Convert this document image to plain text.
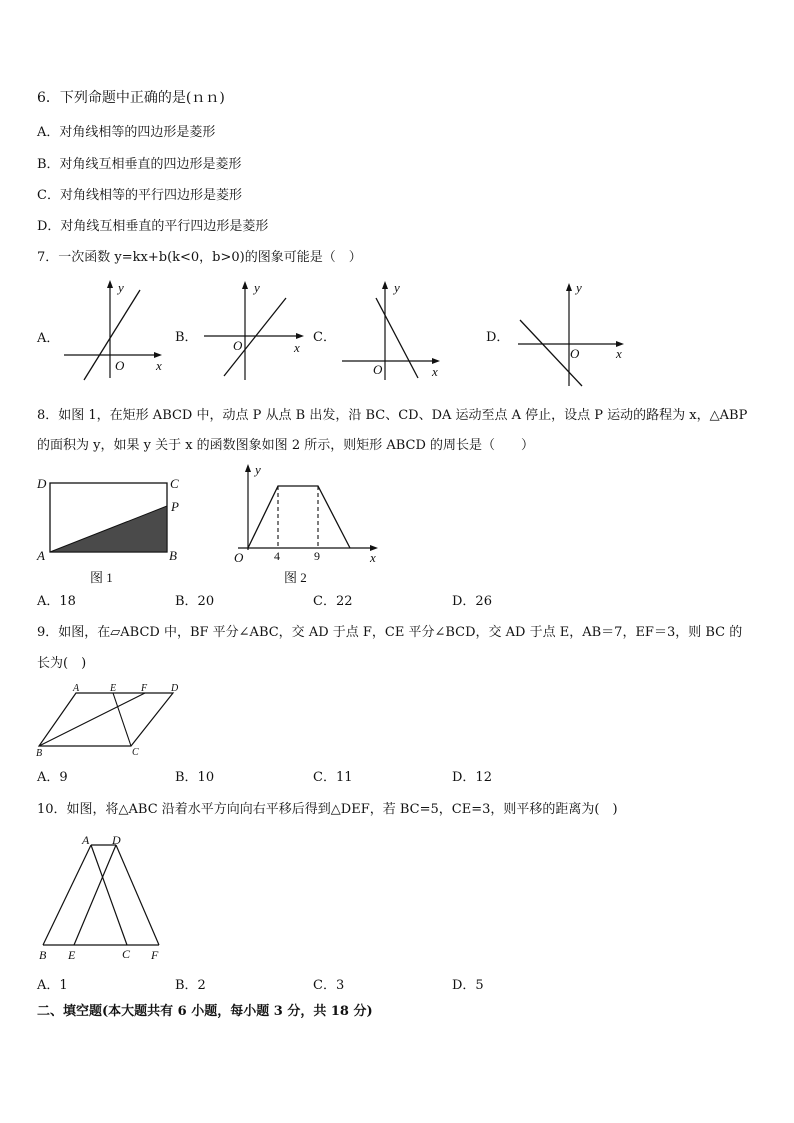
6．下列命题中正确的是(ｎｎ)
A．对角线相等的四边形是菱形
B．对角线互相垂直的四边形是菱形
C．对角线相等的平行四边形是菱形
D．对角线互相垂直的平行四边形是菱形
7．一次函数 y=kx+b(k<0，b>0)的图象可能是（　）
A．
y
x
O
B．
y
x
O
C．
y
x
O
D．
y
x
O
8．如图 1，在矩形 ABCD 中，动点 P 从点 B 出发，沿 BC、CD、DA 运动至点 A 停止，设点 P 运动的路程为 x，△ABP
的面积为 y，如果 y 关于 x 的函数图象如图 2 所示，则矩形 ABCD 的周长是（　　）
D	C
P
A	B
图 1
y
x
O	4	9
图 2
A．18	B．20	C．22	D．26
9．如图，在▱ABCD 中，BF 平分∠ABC，交 AD 于点 F，CE 平分∠BCD，交 AD 于点 E，AB＝7，EF＝3，则 BC 的
长为(　)
A	E F D
B	C
A．9	B．10	C．11	D．12
10．如图，将△ABC 沿着水平方向向右平移后得到△DEF，若 BC=5，CE=3，则平移的距离为(　)
A D
B E	C F
A．1	B．2	C．3	D．5
二、填空题(本大题共有 6 小题，每小题 3 分，共 18 分)
